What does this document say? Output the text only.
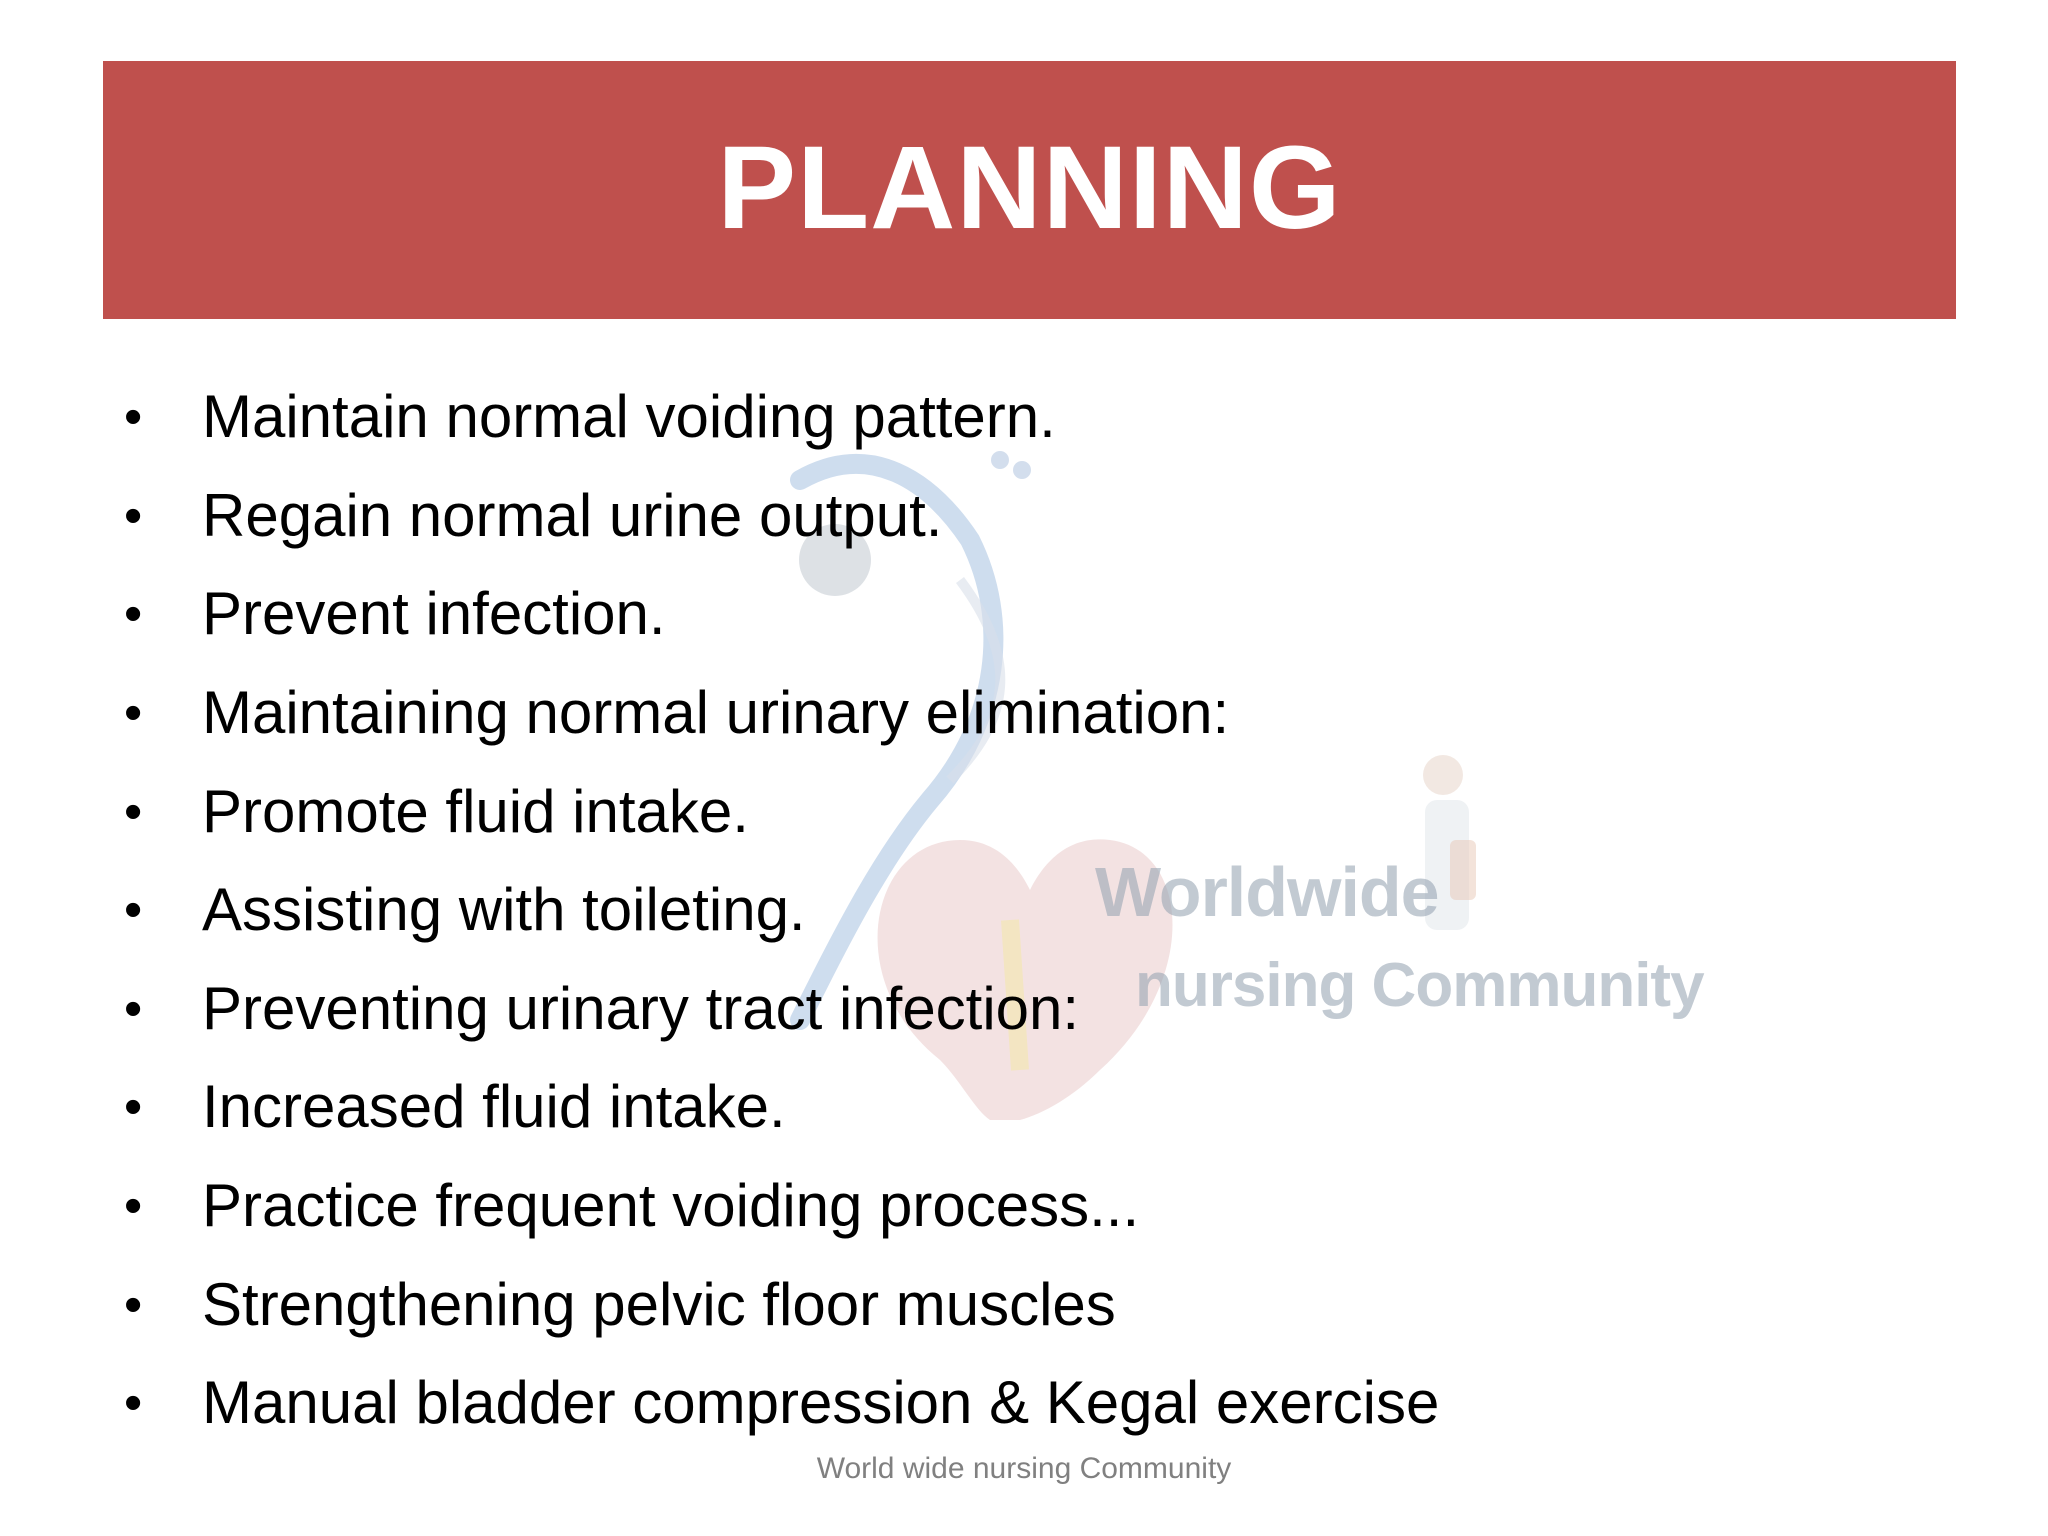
Worldwide
nursing Community
PLANNING
• Maintain normal voiding pattern.
• Regain normal urine output.
• Prevent infection.
• Maintaining normal urinary elimination:
• Promote fluid intake.
• Assisting with toileting.
• Preventing urinary tract infection:
• Increased fluid intake.
• Practice frequent voiding process...
• Strengthening pelvic floor muscles
• Manual bladder compression & Kegal exercise
World wide nursing Community
